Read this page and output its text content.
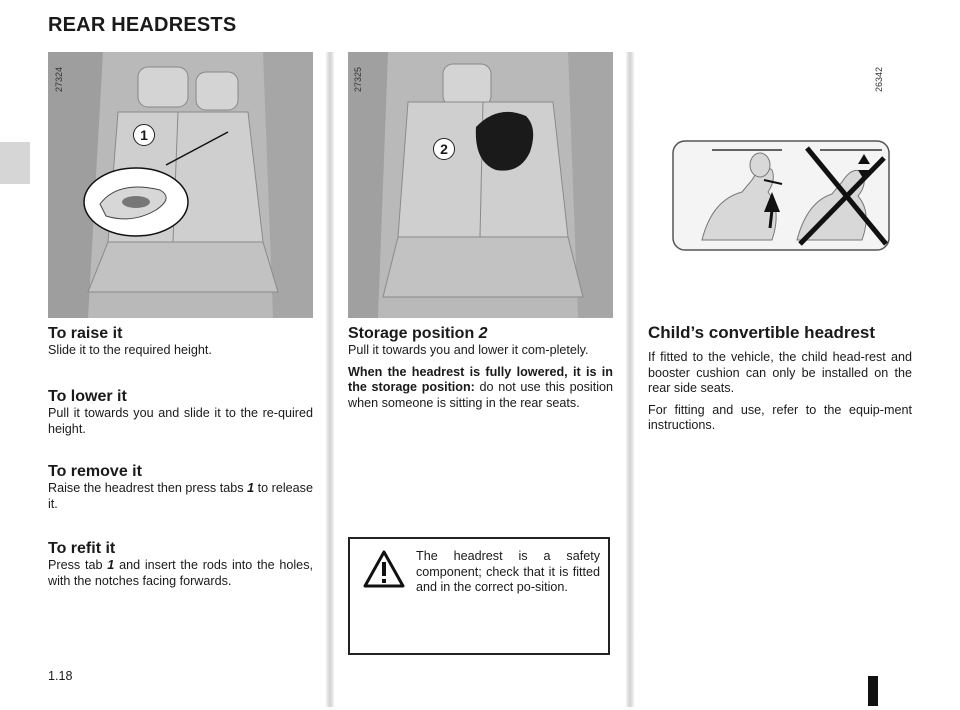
REAR HEADRESTS
27324
1
27325
2
26342
To raise it

Slide it to the required height.

To lower it

Pull it towards you and slide it to the re-quired height.

To remove it

Raise the headrest then press tabs 1 to release it.

To refit it

Press tab 1 and insert the rods into the holes, with the notches facing forwards.

Storage position 2

Pull it towards you and lower it com-pletely.

When the headrest is fully lowered, it is in the storage position: do not use this position when someone is sitting in the rear seats.

The headrest is a safety component; check that it is fitted and in the correct po-sition.

Child’s convertible headrest

If fitted to the vehicle, the child head-rest and booster cushion can only be installed on the rear side seats.

For fitting and use, refer to the equip-ment instructions.

1.18
